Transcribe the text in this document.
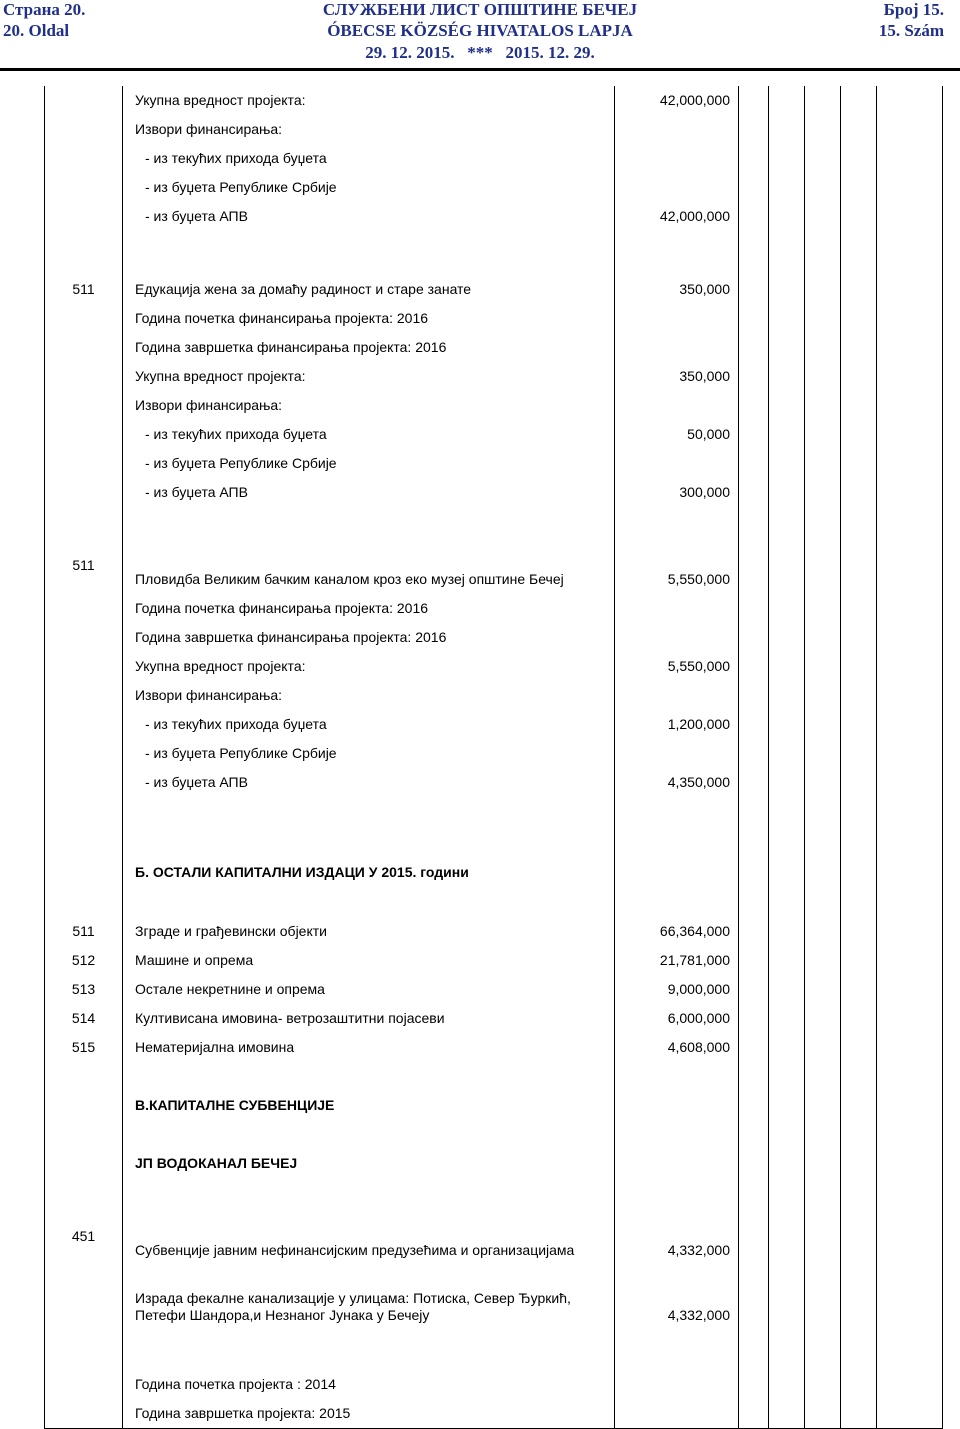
Страна 20.
20. Oldal
СЛУЖБЕНИ ЛИСТ ОПШТИНЕ БЕЧЕЈ
ÓBECSE KÖZSÉG HIVATALOS LAPJA
29. 12. 2015.   ***   2015. 12. 29.
Број 15.
15. Szám
	Укупна вредност пројекта:	42,000,000					
	Извори финансирања:						
	- из текућих прихода буџета						
	- из буџета Републике Србије						
	- из буџета АПВ	42,000,000					

511	Едукација жена за домаћу радиност и старе занате	350,000					
	Година почетка финансирања пројекта: 2016						
	Година завршетка финансирања пројекта: 2016						
	Укупна вредност пројекта:	350,000					
	Извори финансирања:						
	- из текућих прихода буџета	50,000					
	- из буџета Републике Србије						
	- из буџета АПВ	300,000					

511	Пловидба Великим бачким каналом кроз еко музеј општине Бечеј	5,550,000					
	Година почетка финансирања пројекта: 2016						
	Година завршетка финансирања пројекта: 2016						
	Укупна вредност пројекта:	5,550,000					
	Извори финансирања:						
	- из текућих прихода буџета	1,200,000					
	- из буџета Републике Србије						
	- из буџета АПВ	4,350,000					

	Б. ОСТАЛИ КАПИТАЛНИ ИЗДАЦИ У 2015. години						

511	Зграде и грађевински објекти	66,364,000					
512	Машине и опрема	21,781,000					
513	Остале некретнине и опрема	9,000,000					
514	Култивисана имовина- ветрозаштитни појасеви	6,000,000					
515	Нематеријална имовина	4,608,000					

	В.КАПИТАЛНЕ СУБВЕНЦИЈЕ						

	ЈП ВОДОКАНАЛ БЕЧЕЈ						

451	Субвенције јавним нефинансијским предузећима и организацијама	4,332,000					

	Израда фекалне канализације у улицама: Потиска, Север Ђуркић, Петефи Шандора,и Незнаног Јунака у Бечеју	4,332,000					

	Година почетка пројекта : 2014						
	Година завршетка пројекта: 2015						
